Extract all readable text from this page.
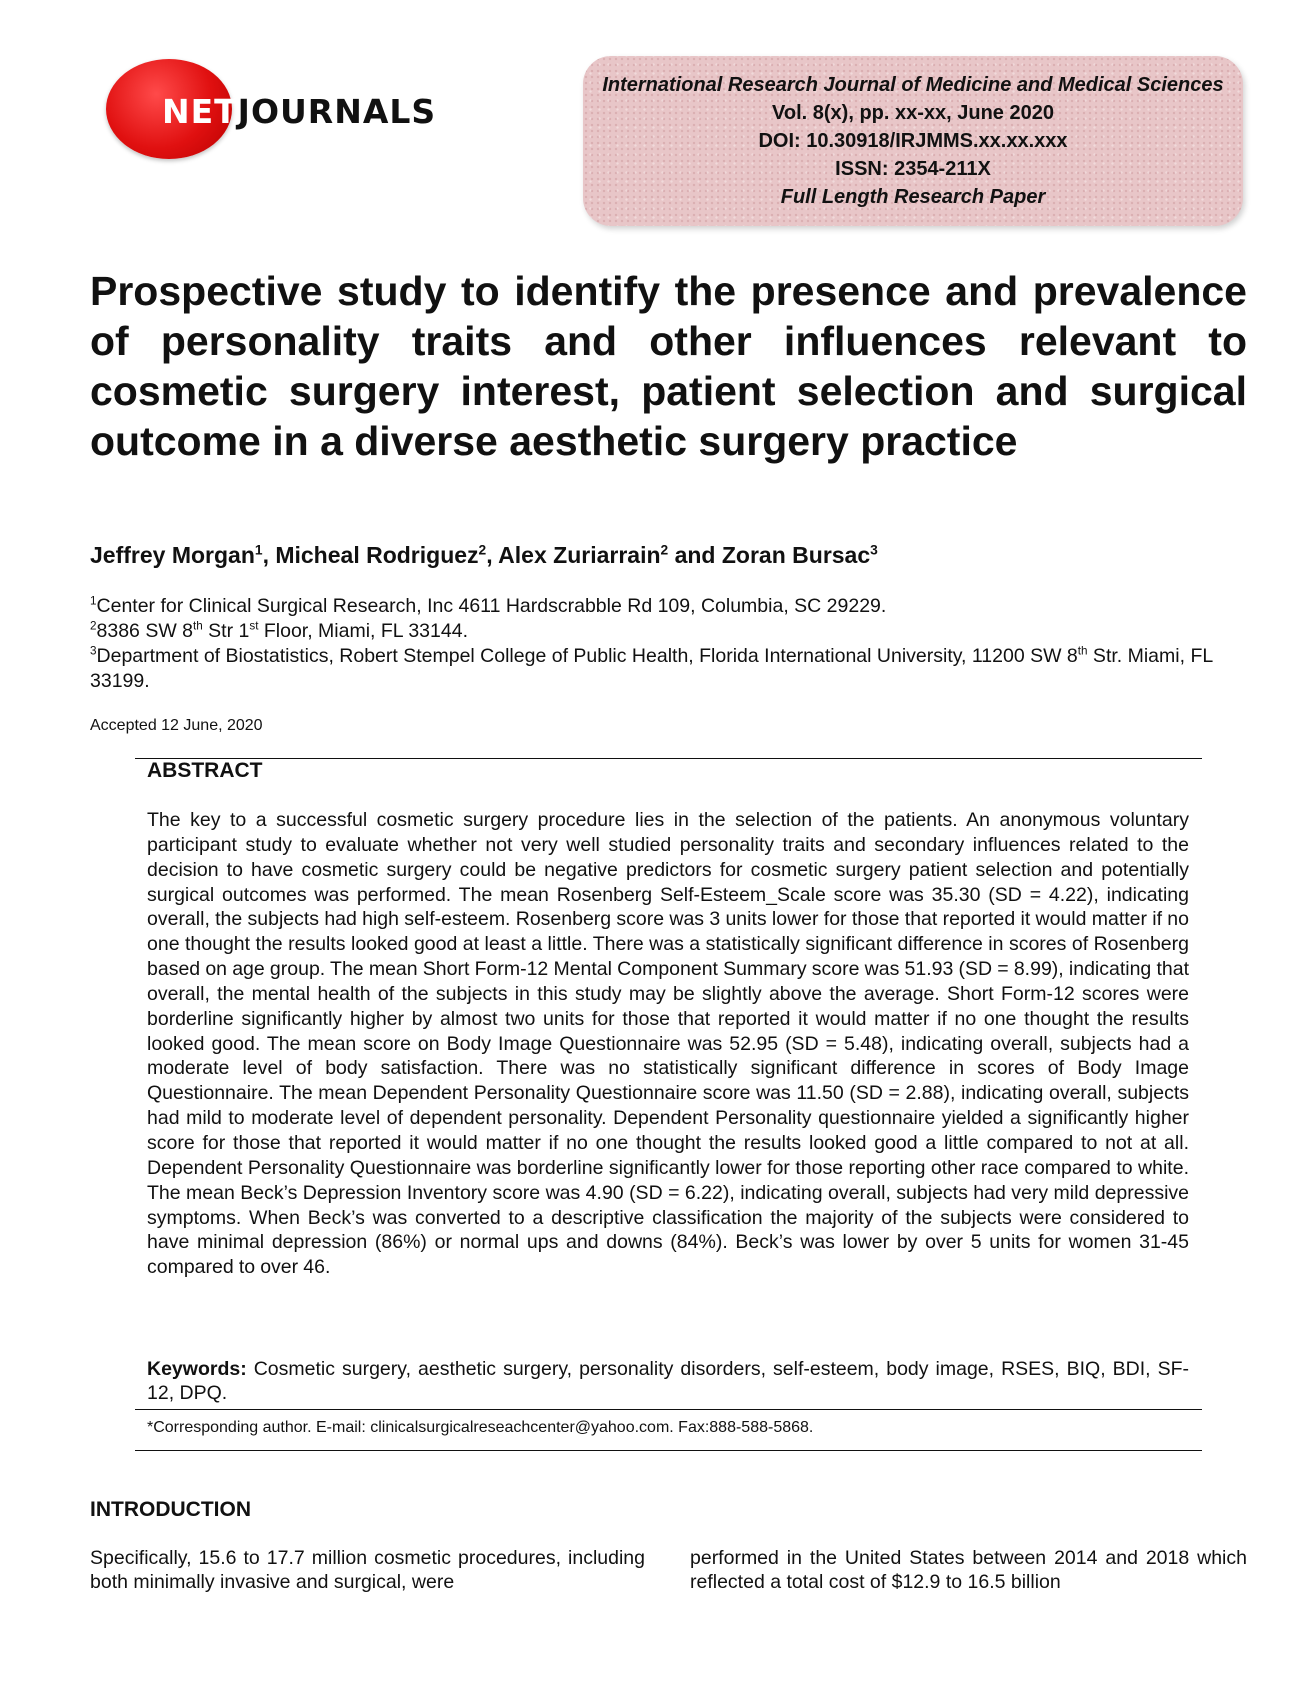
NETJOURNALS
International Research Journal of Medicine and Medical Sciences
Vol. 8(x), pp. xx-xx, June 2020
DOI: 10.30918/IRJMMS.xx.xx.xxx
ISSN: 2354-211X
Full Length Research Paper
Prospective study to identify the presence and prevalence of personality traits and other influences relevant to cosmetic surgery interest, patient selection and surgical outcome in a diverse aesthetic surgery practice
Jeffrey Morgan$^1$, Micheal Rodriguez$^2$, Alex Zuriarrain$^2$ and Zoran Bursac$^3$
$^1$Center for Clinical Surgical Research, Inc 4611 Hardscrabble Rd 109, Columbia, SC 29229.
$^2$8386 SW 8th Str 1st Floor, Miami, FL 33144.
$^3$Department of Biostatistics, Robert Stempel College of Public Health, Florida International University, 11200 SW 8th Str. Miami, FL 33199.
Accepted 12 June, 2020
ABSTRACT

The key to a successful cosmetic surgery procedure lies in the selection of the patients. An anonymous voluntary participant study to evaluate whether not very well studied personality traits and secondary influences related to the decision to have cosmetic surgery could be negative predictors for cosmetic surgery patient selection and potentially surgical outcomes was performed. The mean Rosenberg Self-Esteem_Scale score was 35.30 (SD = 4.22), indicating overall, the subjects had high self-esteem. Rosenberg score was 3 units lower for those that reported it would matter if no one thought the results looked good at least a little. There was a statistically significant difference in scores of Rosenberg based on age group. The mean Short Form-12 Mental Component Summary score was 51.93 (SD = 8.99), indicating that overall, the mental health of the subjects in this study may be slightly above the average. Short Form-12 scores were borderline significantly higher by almost two units for those that reported it would matter if no one thought the results looked good. The mean score on Body Image Questionnaire was 52.95 (SD = 5.48), indicating overall, subjects had a moderate level of body satisfaction. There was no statistically significant difference in scores of Body Image Questionnaire. The mean Dependent Personality Questionnaire score was 11.50 (SD = 2.88), indicating overall, subjects had mild to moderate level of dependent personality. Dependent Personality questionnaire yielded a significantly higher score for those that reported it would matter if no one thought the results looked good a little compared to not at all. Dependent Personality Questionnaire was borderline significantly lower for those reporting other race compared to white. The mean Beck’s Depression Inventory score was 4.90 (SD = 6.22), indicating overall, subjects had very mild depressive symptoms. When Beck’s was converted to a descriptive classification the majority of the subjects were considered to have minimal depression (86%) or normal ups and downs (84%). Beck’s was lower by over 5 units for women 31-45 compared to over 46.

Keywords: Cosmetic surgery, aesthetic surgery, personality disorders, self-esteem, body image, RSES, BIQ, BDI, SF-12, DPQ.

*Corresponding author. E-mail: clinicalsurgicalreseachcenter@yahoo.com. Fax:888-588-5868.
INTRODUCTION

Specifically, 15.6 to 17.7 million cosmetic procedures, including both minimally invasive and surgical, were

performed in the United States between 2014 and 2018 which reflected a total cost of $12.9 to 16.5 billion
